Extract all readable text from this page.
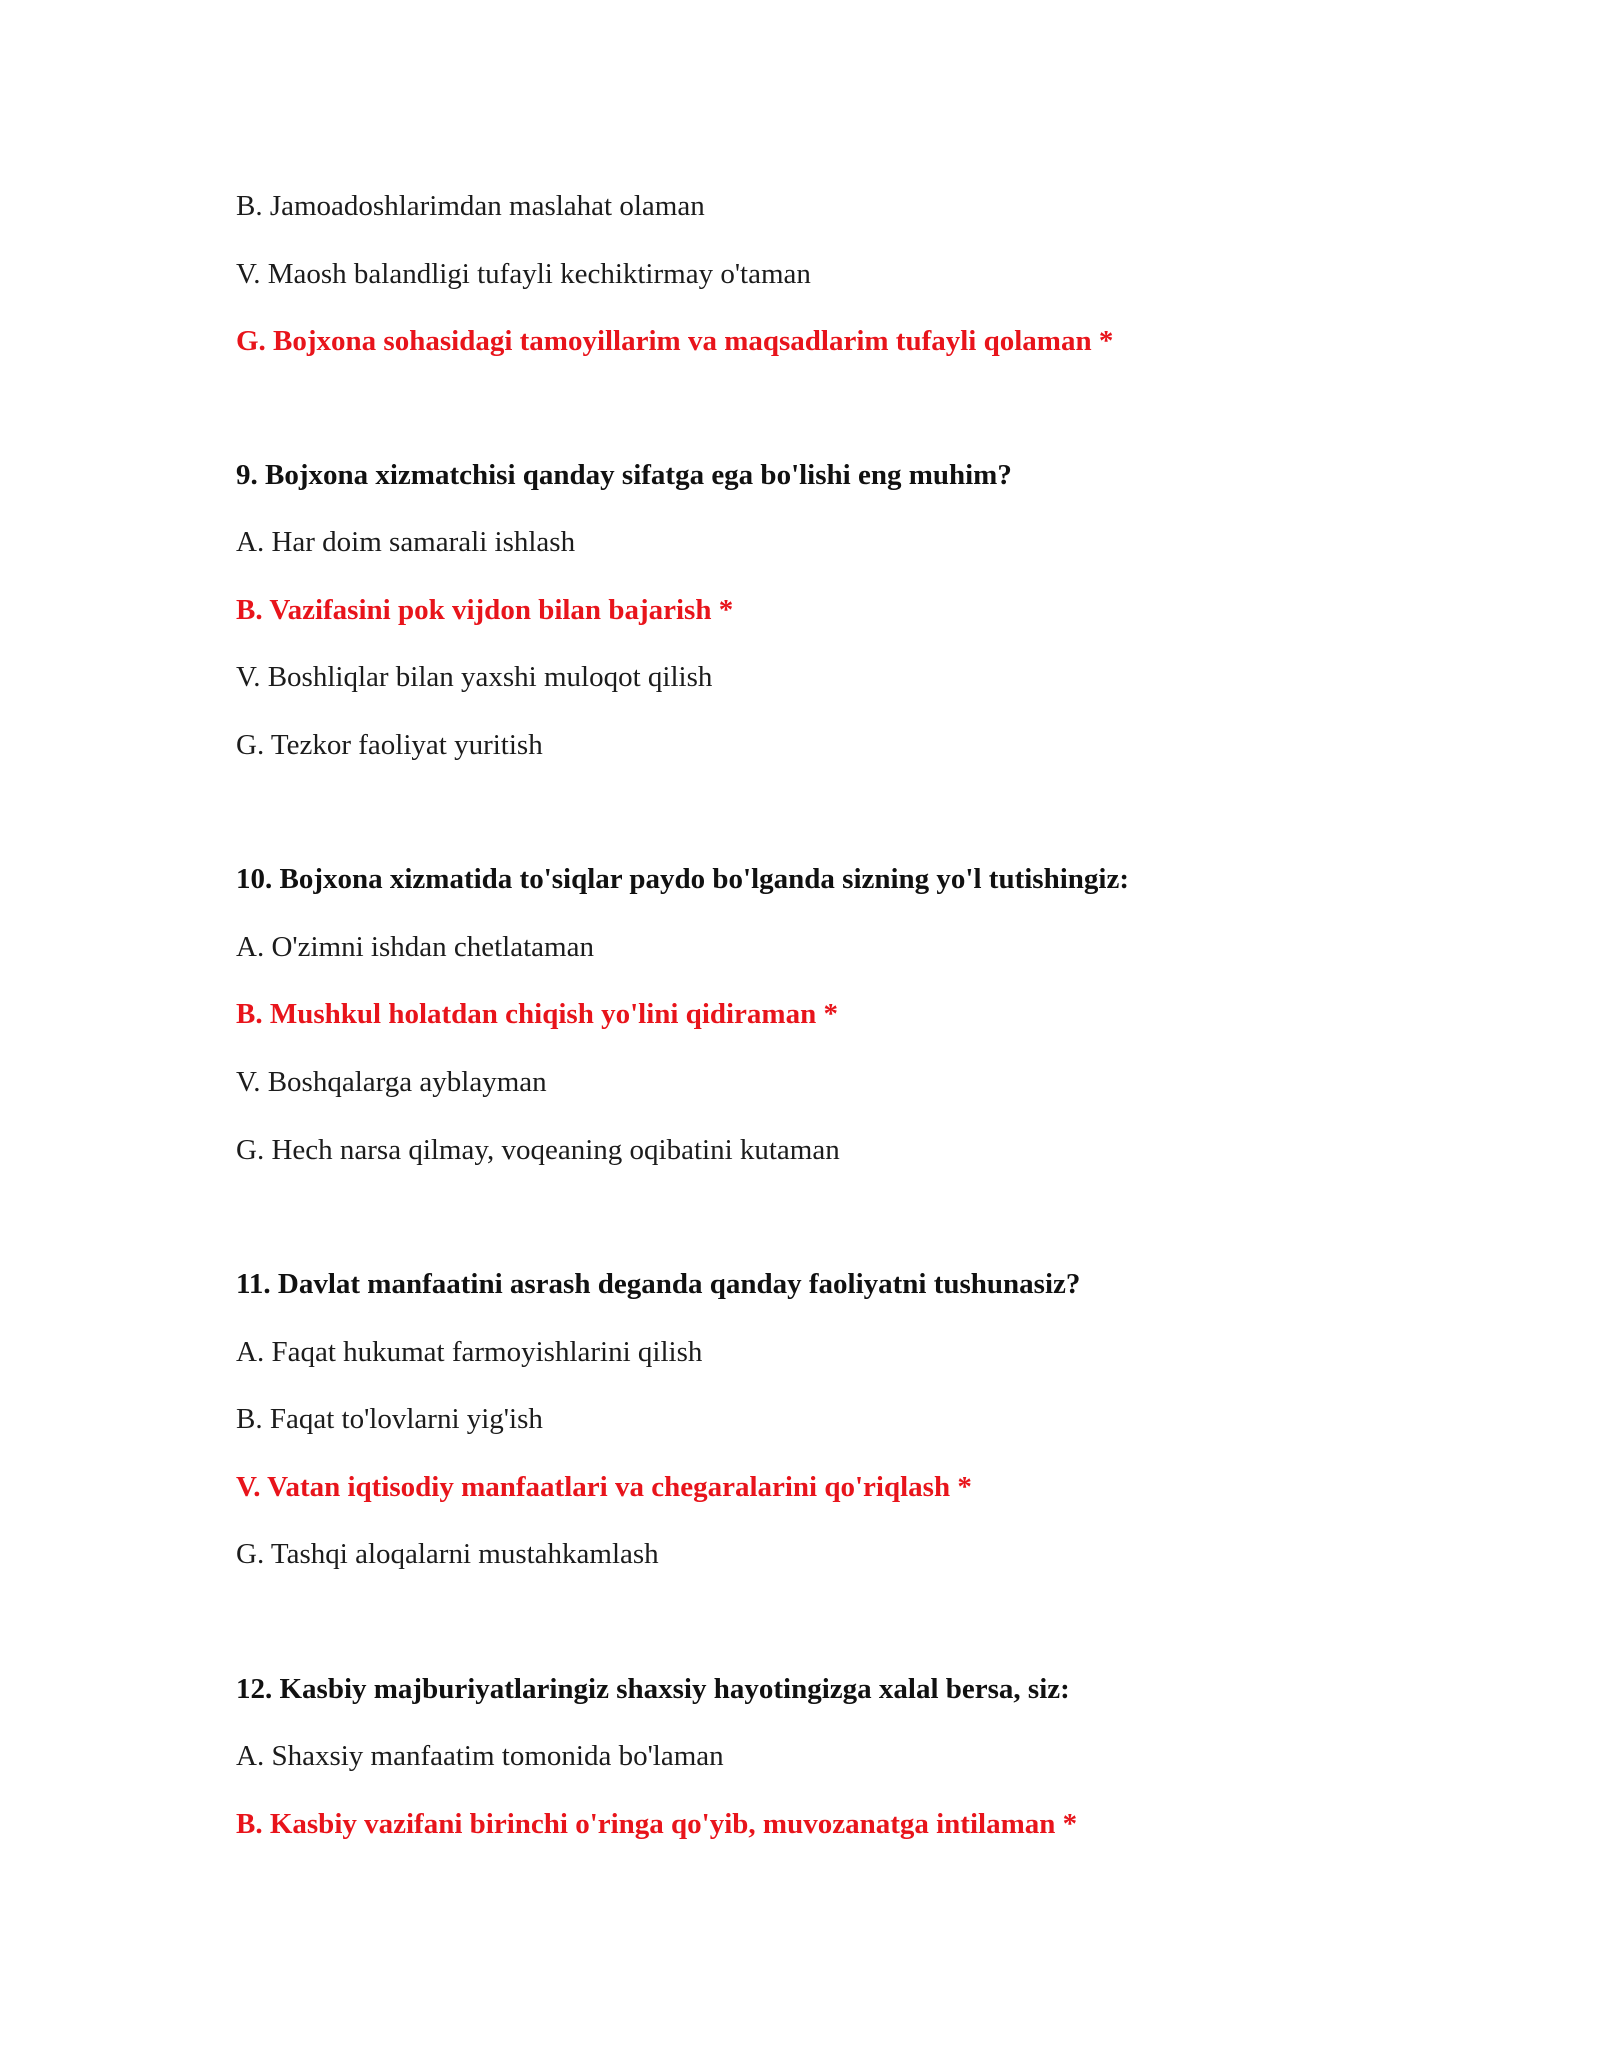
B. Jamoadoshlarimdan maslahat olaman
V. Maosh balandligi tufayli kechiktirmay o'taman
G. Bojxona sohasidagi tamoyillarim va maqsadlarim tufayli qolaman *
9. Bojxona xizmatchisi qanday sifatga ega bo'lishi eng muhim?
A. Har doim samarali ishlash
B. Vazifasini pok vijdon bilan bajarish *
V. Boshliqlar bilan yaxshi muloqot qilish
G. Tezkor faoliyat yuritish
10. Bojxona xizmatida to'siqlar paydo bo'lganda sizning yo'l tutishingiz:
A. O'zimni ishdan chetlataman
B. Mushkul holatdan chiqish yo'lini qidiraman *
V. Boshqalarga ayblayman
G. Hech narsa qilmay, voqeaning oqibatini kutaman
11. Davlat manfaatini asrash deganda qanday faoliyatni tushunasiz?
A. Faqat hukumat farmoyishlarini qilish
B. Faqat to'lovlarni yig'ish
V. Vatan iqtisodiy manfaatlari va chegaralarini qo'riqlash *
G. Tashqi aloqalarni mustahkamlash
12. Kasbiy majburiyatlaringiz shaxsiy hayotingizga xalal bersa, siz:
A. Shaxsiy manfaatim tomonida bo'laman
B. Kasbiy vazifani birinchi o'ringa qo'yib, muvozanatga intilaman *
